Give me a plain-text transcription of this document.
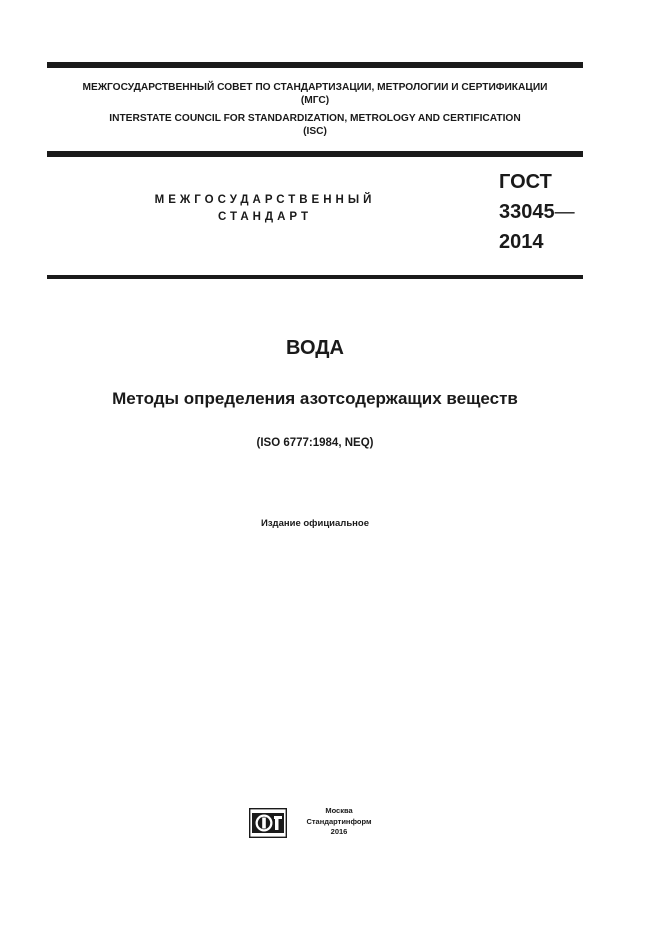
МЕЖГОСУДАРСТВЕННЫЙ СОВЕТ ПО СТАНДАРТИЗАЦИИ, МЕТРОЛОГИИ И СЕРТИФИКАЦИИ
(МГС)
INTERSTATE COUNCIL FOR STANDARDIZATION, METROLOGY AND CERTIFICATION
(ISC)
МЕЖГОСУДАРСТВЕННЫЙ
СТАНДАРТ
ГОСТ
33045—
2014
ВОДА
Методы определения азотсодержащих веществ
(ISO 6777:1984, NEQ)
Издание официальное
Москва
Стандартинформ
2016
